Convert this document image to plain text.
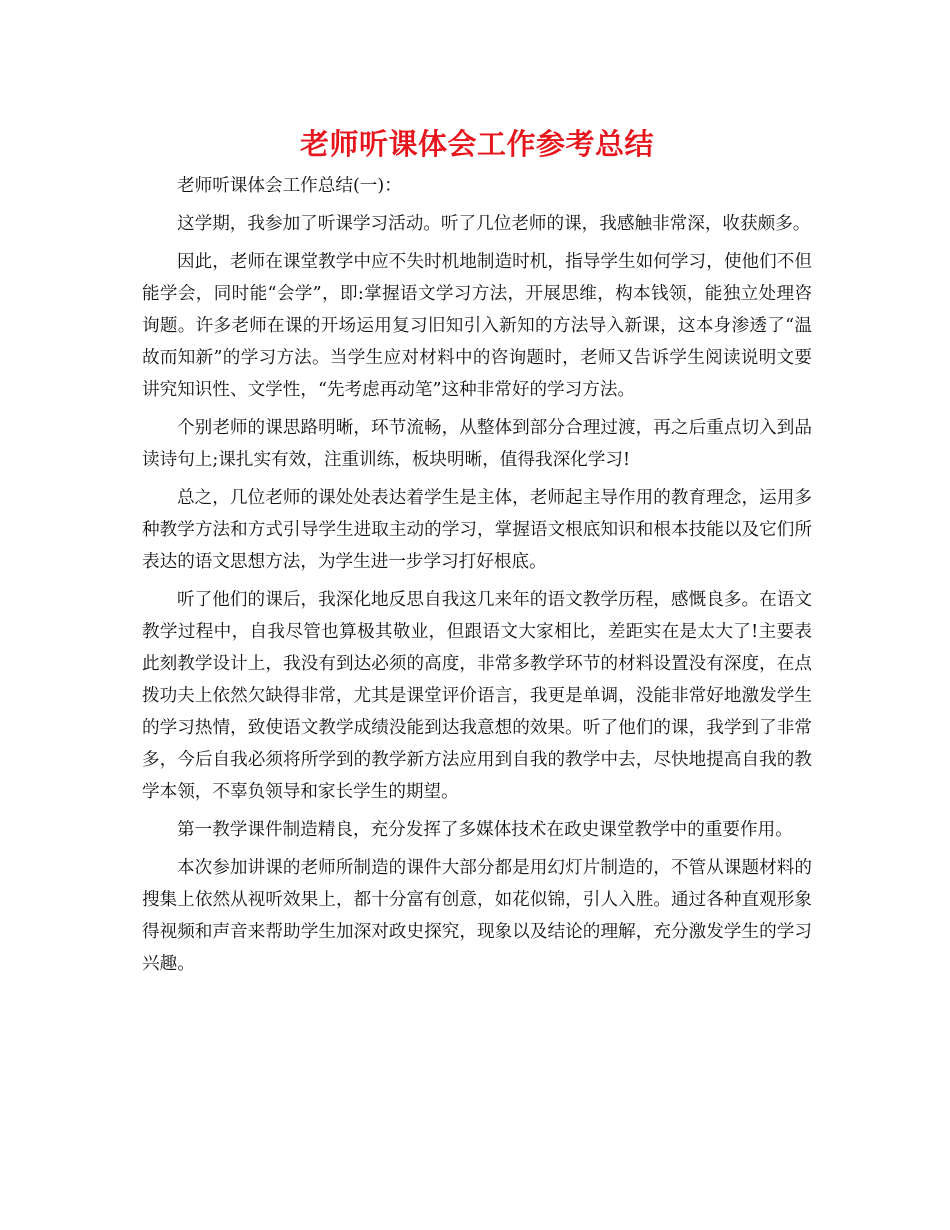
老师听课体会工作参考总结

老师听课体会工作总结(一)：

这学期，我参加了听课学习活动。听了几位老师的课，我感触非常深，收获颇多。

因此，老师在课堂教学中应不失时机地制造时机，指导学生如何学习，使他们不但能学会，同时能“会学”，即:掌握语文学习方法，开展思维，构本钱领，能独立处理咨询题。许多老师在课的开场运用复习旧知引入新知的方法导入新课，这本身渗透了“温故而知新”的学习方法。当学生应对材料中的咨询题时，老师又告诉学生阅读说明文要讲究知识性、文学性，“先考虑再动笔”这种非常好的学习方法。

个别老师的课思路明晰，环节流畅，从整体到部分合理过渡，再之后重点切入到品读诗句上;课扎实有效，注重训练，板块明晰，值得我深化学习!

总之，几位老师的课处处表达着学生是主体，老师起主导作用的教育理念，运用多种教学方法和方式引导学生进取主动的学习，掌握语文根底知识和根本技能以及它们所表达的语文思想方法，为学生进一步学习打好根底。

听了他们的课后，我深化地反思自我这几来年的语文教学历程，感慨良多。在语文教学过程中，自我尽管也算极其敬业，但跟语文大家相比，差距实在是太大了!主要表此刻教学设计上，我没有到达必须的高度，非常多教学环节的材料设置没有深度，在点拨功夫上依然欠缺得非常，尤其是课堂评价语言，我更是单调，没能非常好地激发学生的学习热情，致使语文教学成绩没能到达我意想的效果。听了他们的课，我学到了非常多，今后自我必须将所学到的教学新方法应用到自我的教学中去，尽快地提高自我的教学本领，不辜负领导和家长学生的期望。

第一教学课件制造精良，充分发挥了多媒体技术在政史课堂教学中的重要作用。

本次参加讲课的老师所制造的课件大部分都是用幻灯片制造的，不管从课题材料的搜集上依然从视听效果上，都十分富有创意，如花似锦，引人入胜。通过各种直观形象得视频和声音来帮助学生加深对政史探究，现象以及结论的理解，充分激发学生的学习兴趣。
